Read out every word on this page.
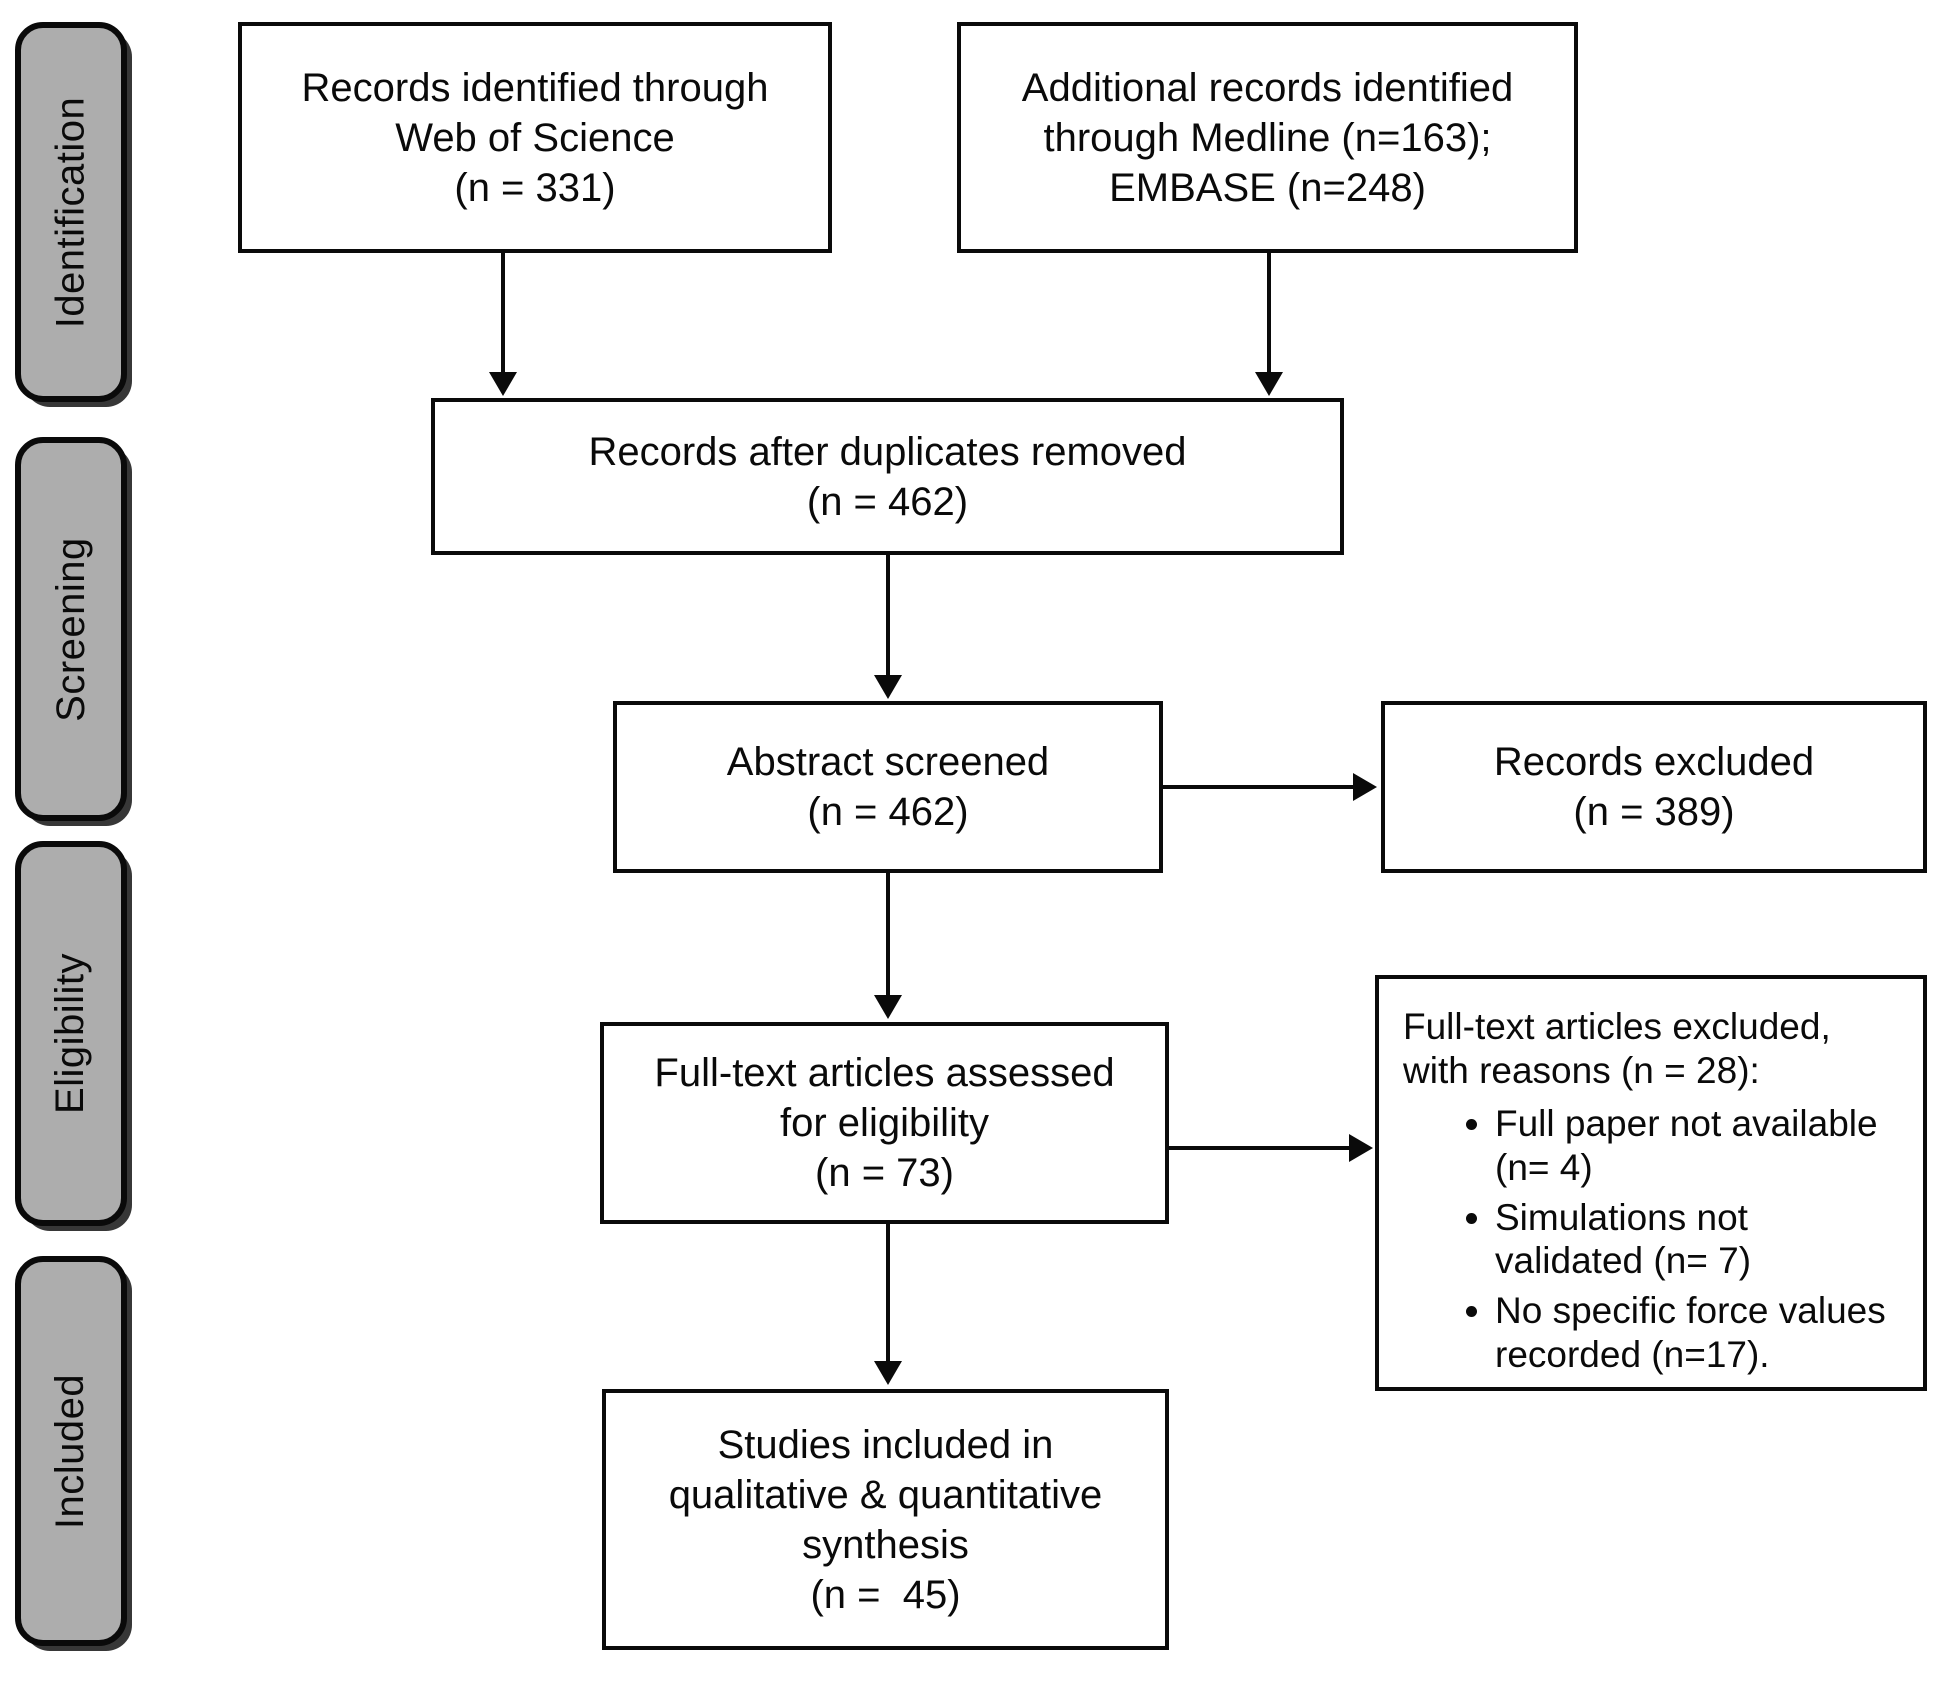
Identification
Screening
Eligibility
Included
Records identified through
Web of Science
(n = 331)
Additional records identified
through Medline (n=163);
EMBASE (n=248)
Records after duplicates removed
(n = 462)
Abstract screened
(n = 462)
Records excluded
(n = 389)
Full-text articles assessed
for eligibility
(n = 73)
Full-text articles excluded,
with reasons (n = 28):
• Full paper not available (n= 4)
• Simulations not validated (n= 7)
• No specific force values recorded (n=17).
Studies included in
qualitative & quantitative
synthesis
(n =  45)
